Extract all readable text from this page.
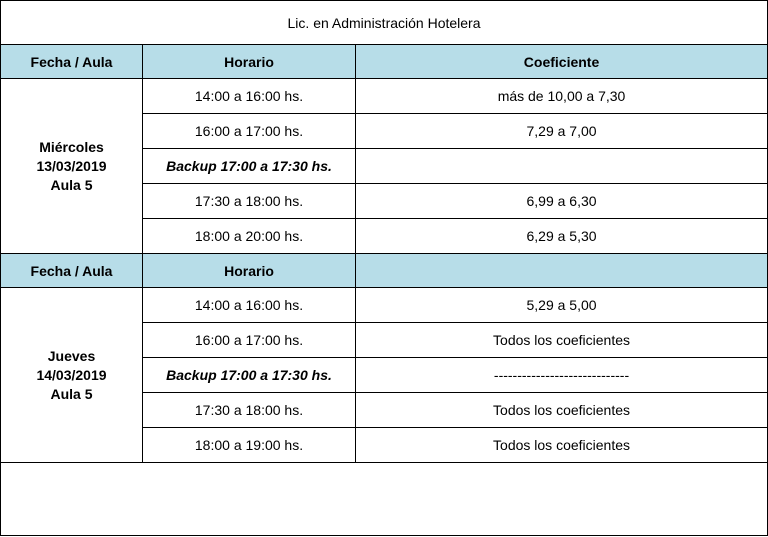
Lic. en Administración Hotelera		
Fecha / Aula	Horario	Coeficiente
Miércoles
13/03/2019
Aula 5	14:00 a 16:00 hs.	más de 10,00 a 7,30
	16:00 a 17:00 hs.	7,29 a 7,00
	Backup 17:00 a 17:30 hs.	
	17:30 a 18:00 hs.	6,99 a 6,30
	18:00 a 20:00 hs.	6,29 a 5,30
Fecha / Aula	Horario	
Jueves
14/03/2019
Aula 5	14:00 a 16:00 hs.	5,29 a 5,00
	16:00 a 17:00 hs.	Todos los coeficientes
	Backup 17:00 a 17:30 hs.	-----------------------------
	17:30 a 18:00 hs.	Todos los coeficientes
	18:00 a 19:00 hs.	Todos los coeficientes
